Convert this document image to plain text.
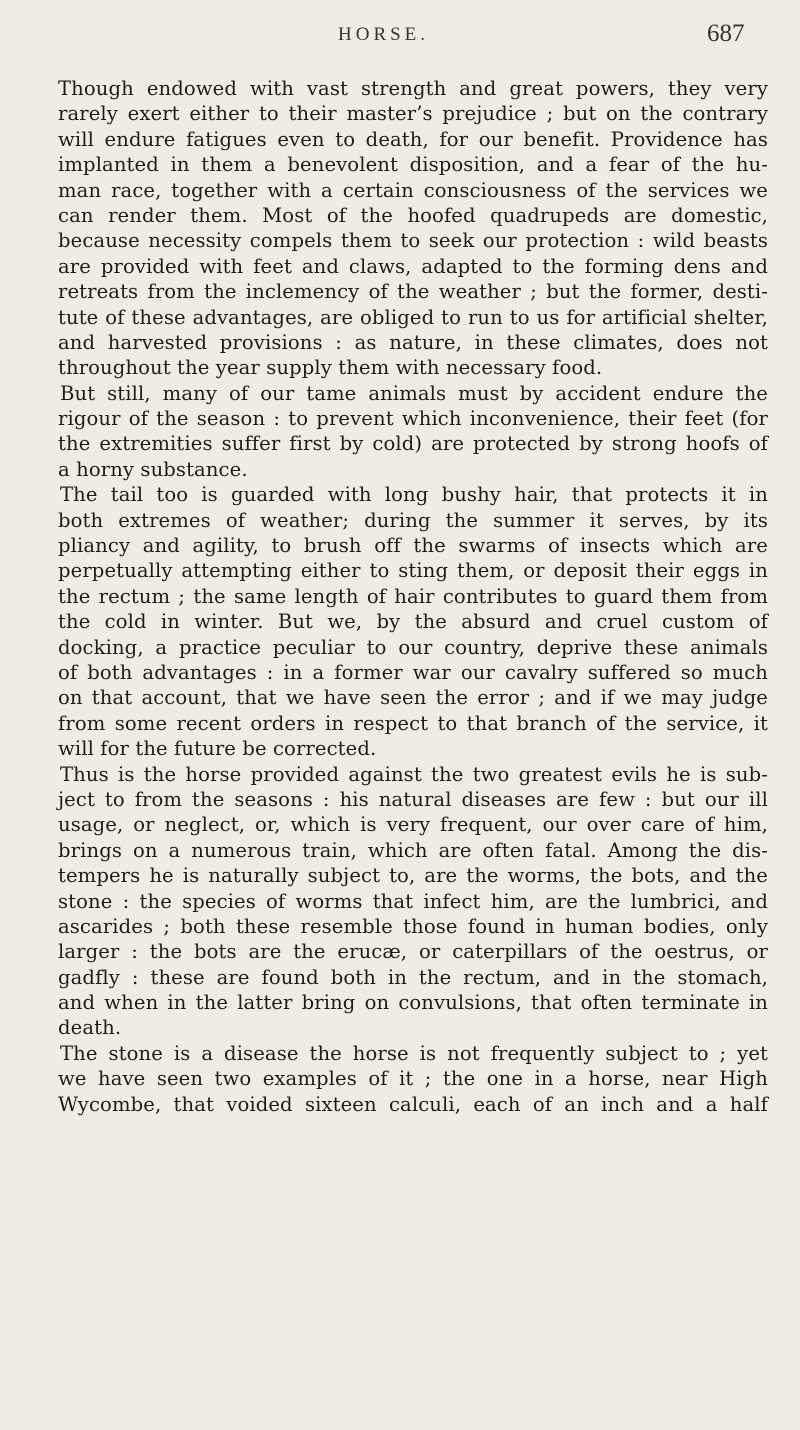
HORSE.	687
Though endowed with vast strength and great powers, they very
rarely exert either to their master’s prejudice ; but on the contrary
will endure fatigues even to death, for our benefit. Providence has
implanted in them a benevolent disposition, and a fear of the hu-
man race, together with a certain consciousness of the services we
can render them. Most of the hoofed quadrupeds are domestic,
because necessity compels them to seek our protection : wild beasts
are provided with feet and claws, adapted to the forming dens and
retreats from the inclemency of the weather ; but the former, desti-
tute of these advantages, are obliged to run to us for artificial shelter,
and harvested provisions : as nature, in these climates, does not
throughout the year supply them with necessary food.
But still, many of our tame animals must by accident endure the
rigour of the season : to prevent which inconvenience, their feet (for
the extremities suffer first by cold) are protected by strong hoofs of
a horny substance.
The tail too is guarded with long bushy hair, that protects it in
both extremes of weather; during the summer it serves, by its
pliancy and agility, to brush off the swarms of insects which are
perpetually attempting either to sting them, or deposit their eggs in
the rectum ; the same length of hair contributes to guard them from
the cold in winter. But we, by the absurd and cruel custom of
docking, a practice peculiar to our country, deprive these animals
of both advantages : in a former war our cavalry suffered so much
on that account, that we have seen the error ; and if we may judge
from some recent orders in respect to that branch of the service, it
will for the future be corrected.
Thus is the horse provided against the two greatest evils he is sub-
ject to from the seasons : his natural diseases are few : but our ill
usage, or neglect, or, which is very frequent, our over care of him,
brings on a numerous train, which are often fatal. Among the dis-
tempers he is naturally subject to, are the worms, the bots, and the
stone : the species of worms that infect him, are the lumbrici, and
ascarides ; both these resemble those found in human bodies, only
larger : the bots are the erucæ, or caterpillars of the oestrus, or
gadfly : these are found both in the rectum, and in the stomach,
and when in the latter bring on convulsions, that often terminate in
death.
The stone is a disease the horse is not frequently subject to ; yet
we have seen two examples of it ; the one in a horse, near High
Wycombe, that voided sixteen calculi, each of an inch and a half
